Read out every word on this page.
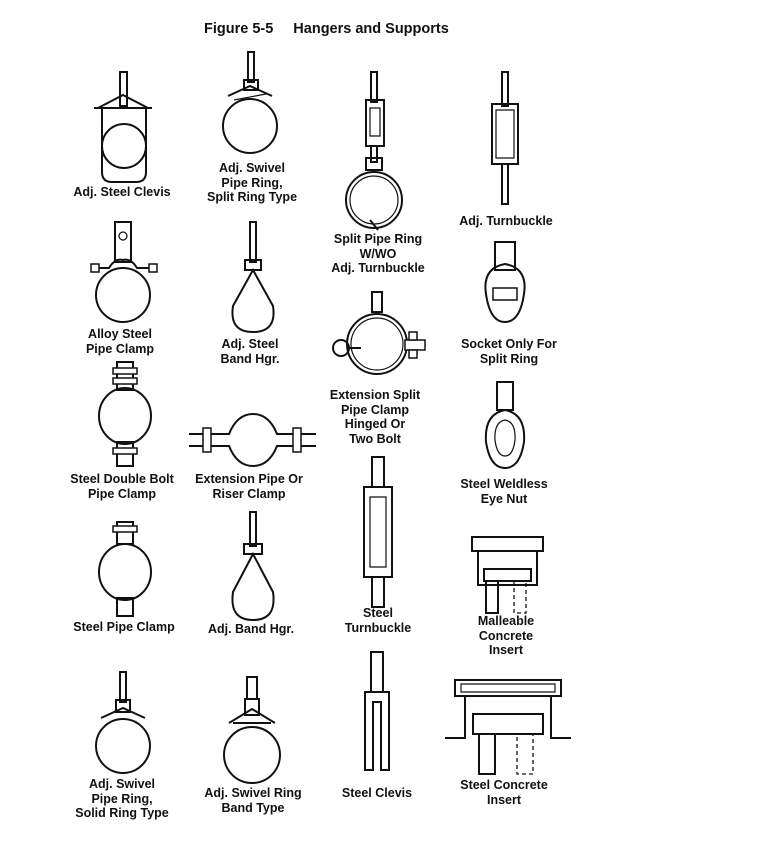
Figure 5-5 Hangers and Supports
Adj. Steel Clevis
Adj. Swivel
Pipe Ring,
Split Ring Type
Split Pipe Ring
W/WO
Adj. Turnbuckle
Adj. Turnbuckle
Alloy Steel
Pipe Clamp	Adj. Steel
Band Hgr.
Socket Only For
Split Ring
Extension Split
Pipe Clamp
Hinged Or
Two Bolt
Steel Double Bolt
Pipe Clamp
Extension Pipe Or
Riser Clamp
Steel Weldless
Eye Nut
Steel
Turnbuckle
Steel Pipe Clamp	Adj. Band Hgr.
Malleable
Concrete
Insert
Adj. Swivel
Pipe Ring,
Solid Ring Type
Adj. Swivel Ring
Band Type
Steel Clevis
Steel Concrete
Insert
